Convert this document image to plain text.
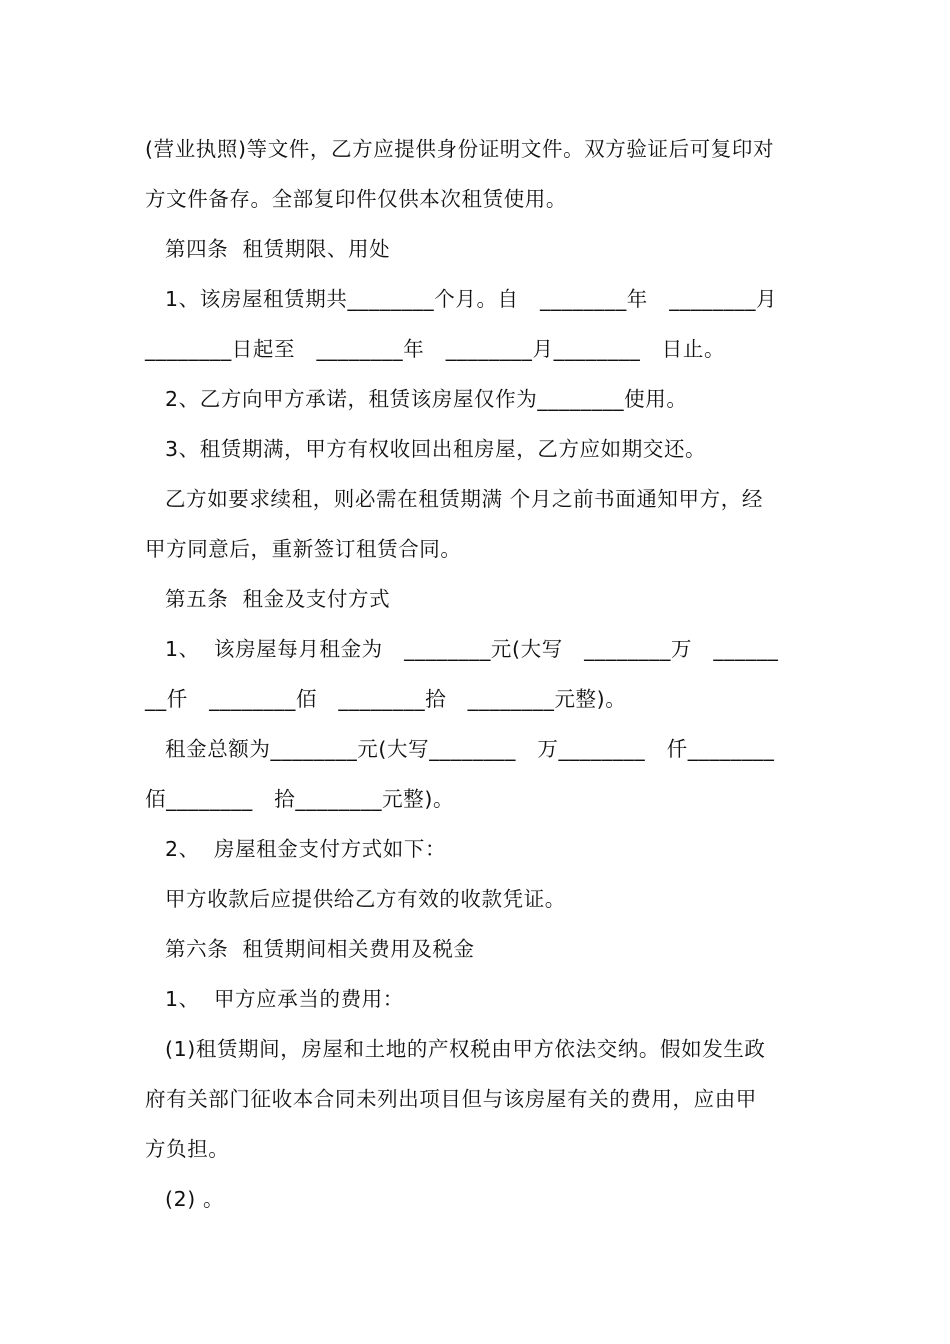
(营业执照)等文件，乙方应提供身份证明文件。双方验证后可复印对
方文件备存。全部复印件仅供本次租赁使用。
第四条  租赁期限、用处
1、该房屋租赁期共________个月。自   ________年   ________月
________日起至   ________年   ________月________   日止。
2、乙方向甲方承诺，租赁该房屋仅作为________使用。
3、租赁期满，甲方有权收回出租房屋，乙方应如期交还。
乙方如要求续租，则必需在租赁期满 个月之前书面通知甲方，经
甲方同意后，重新签订租赁合同。
第五条  租金及支付方式
1、  该房屋每月租金为   ________元(大写   ________万   ______
__仟   ________佰   ________拾   ________元整)。
租金总额为________元(大写________   万________   仟________
佰________   拾________元整)。
2、  房屋租金支付方式如下：
甲方收款后应提供给乙方有效的收款凭证。
第六条  租赁期间相关费用及税金
1、  甲方应承当的费用：
(1)租赁期间，房屋和土地的产权税由甲方依法交纳。假如发生政
府有关部门征收本合同未列出项目但与该房屋有关的费用，应由甲
方负担。
(2) 。
